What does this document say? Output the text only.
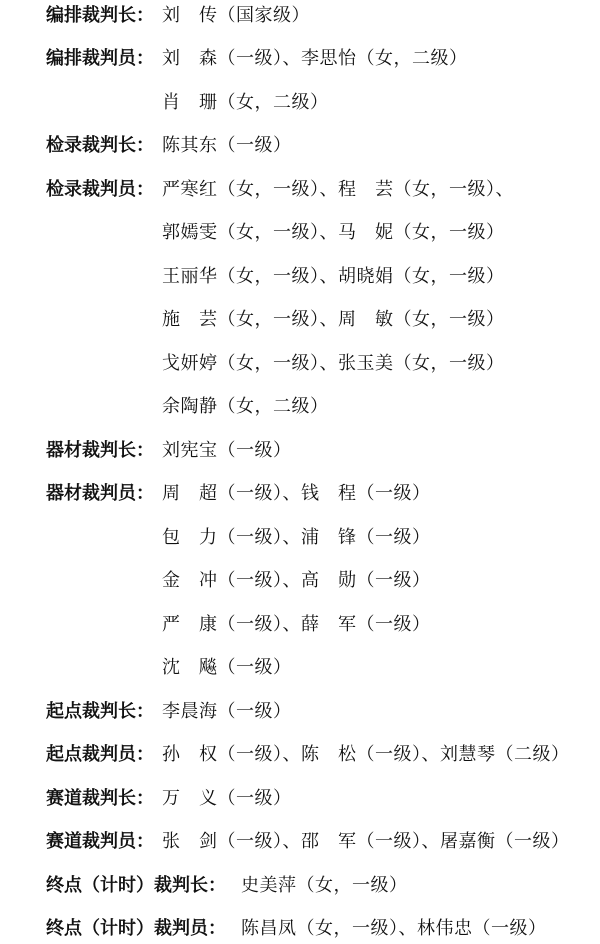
编排裁判长： 刘　传（国家级）
编排裁判员： 刘　森（一级）、李思怡（女，二级）
肖　珊（女，二级）
检录裁判长： 陈其东（一级）
检录裁判员： 严寒红（女，一级）、程　芸（女，一级）、
郭嫣雯（女，一级）、马　妮（女，一级）
王丽华（女，一级）、胡晓娟（女，一级）
施　芸（女，一级）、周　敏（女，一级）
戈妍婷（女，一级）、张玉美（女，一级）
余陶静（女，二级）
器材裁判长： 刘宪宝（一级）
器材裁判员： 周　超（一级）、钱　程（一级）
包　力（一级）、浦　锋（一级）
金　冲（一级）、高　勋（一级）
严　康（一级）、薛　军（一级）
沈　飚（一级）
起点裁判长： 李晨海（一级）
起点裁判员： 孙　权（一级）、陈　松（一级）、刘慧琴（二级）
赛道裁判长： 万　义（一级）
赛道裁判员： 张　剑（一级）、邵　军（一级）、屠嘉衡（一级）
终点（计时）裁判长： 史美萍（女，一级）
终点（计时）裁判员： 陈昌凤（女，一级）、林伟忠（一级）
